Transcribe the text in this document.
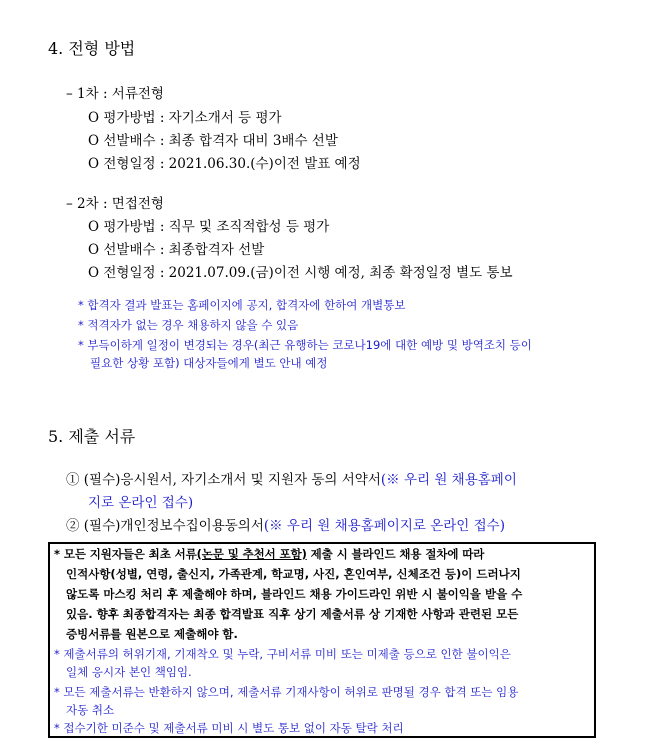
4. 전형 방법
– 1차 : 서류전형
O 평가방법 : 자기소개서 등 평가
O 선발배수 : 최종 합격자 대비 3배수 선발
O 전형일정 : 2021.06.30.(수)이전 발표 예정
– 2차 : 면접전형
O 평가방법 : 직무 및 조직적합성 등 평가
O 선발배수 : 최종합격자 선발
O 전형일정 : 2021.07.09.(금)이전 시행 예정, 최종 확정일정 별도 통보
* 합격자 결과 발표는 홈페이지에 공지, 합격자에 한하여 개별통보
* 적격자가 없는 경우 채용하지 않을 수 있음
* 부득이하게 일정이 변경되는 경우(최근 유행하는 코로나19에 대한 예방 및 방역조치 등이
필요한 상황 포함) 대상자들에게 별도 안내 예정
5. 제출 서류
① (필수)응시원서, 자기소개서 및 지원자 동의 서약서(※ 우리 원 채용홈페이
지로 온라인 접수)
② (필수)개인정보수집이용동의서(※ 우리 원 채용홈페이지로 온라인 접수)
* 모든 지원자들은 최초 서류(논문 및 추천서 포함) 제출 시 블라인드 채용 절차에 따라
인적사항(성별, 연령, 출신지, 가족관계, 학교명, 사진, 혼인여부, 신체조건 등)이 드러나지
않도록 마스킹 처리 후 제출해야 하며, 블라인드 채용 가이드라인 위반 시 불이익을 받을 수
있음. 향후 최종합격자는 최종 합격발표 직후 상기 제출서류 상 기재한 사항과 관련된 모든
증빙서류를 원본으로 제출해야 함.
* 제출서류의 허위기재, 기재착오 및 누락, 구비서류 미비 또는 미제출 등으로 인한 불이익은
일체 응시자 본인 책임임.
* 모든 제출서류는 반환하지 않으며, 제출서류 기재사항이 허위로 판명될 경우 합격 또는 임용
자동 취소
* 접수기한 미준수 및 제출서류 미비 시 별도 통보 없이 자동 탈락 처리
